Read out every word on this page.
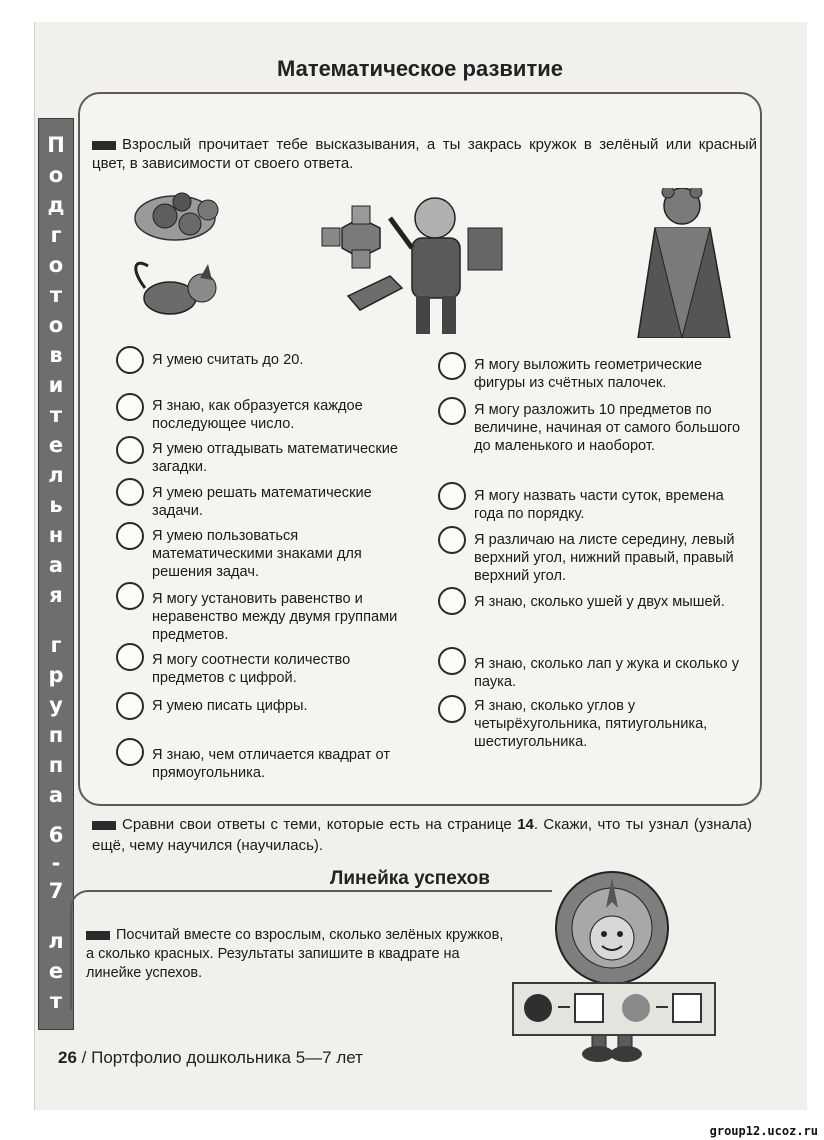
П
о
д
г
о
т
о
в
и
т
е
л
ь
н
а
я
г
р
у
п
п
а
6
-
7
л
е
т
Математическое развитие
Взрослый прочитает тебе высказывания, а ты закрась кружок в зелёный или красный цвет, в зависимости от своего ответа.
Я умею считать до 20.
Я знаю, как образуется каждое последующее число.
Я умею отгадывать математические загадки.
Я умею решать математические задачи.
Я умею пользоваться математическими знаками для решения задач.
Я могу установить равенство и неравенство между двумя группами предметов.
Я могу соотнести количество предметов с цифрой.
Я умею писать цифры.
Я знаю, чем отличается квадрат от прямоугольника.
Я могу выложить геометрические фигуры из счётных палочек.
Я могу разложить 10 предметов по величине, начиная от самого большого до маленького и наоборот.
Я могу назвать части суток, времена года по порядку.
Я различаю на листе середину, левый верхний угол, нижний правый, правый верхний угол.
Я знаю, сколько ушей у двух мышей.
Я знаю, сколько лап у жука и сколько у паука.
Я знаю, сколько углов у четырёхугольника, пятиугольника, шестиугольника.
Сравни свои ответы с теми, которые есть на странице 14. Скажи, что ты узнал (узнала) ещё, чему научился (научилась).
Линейка успехов
Посчитай вместе со взрослым, сколько зелёных кружков, а сколько красных. Результаты запишите в квадрате на линейке успехов.
26 / Портфолио дошкольника 5—7 лет
group12.ucoz.ru
